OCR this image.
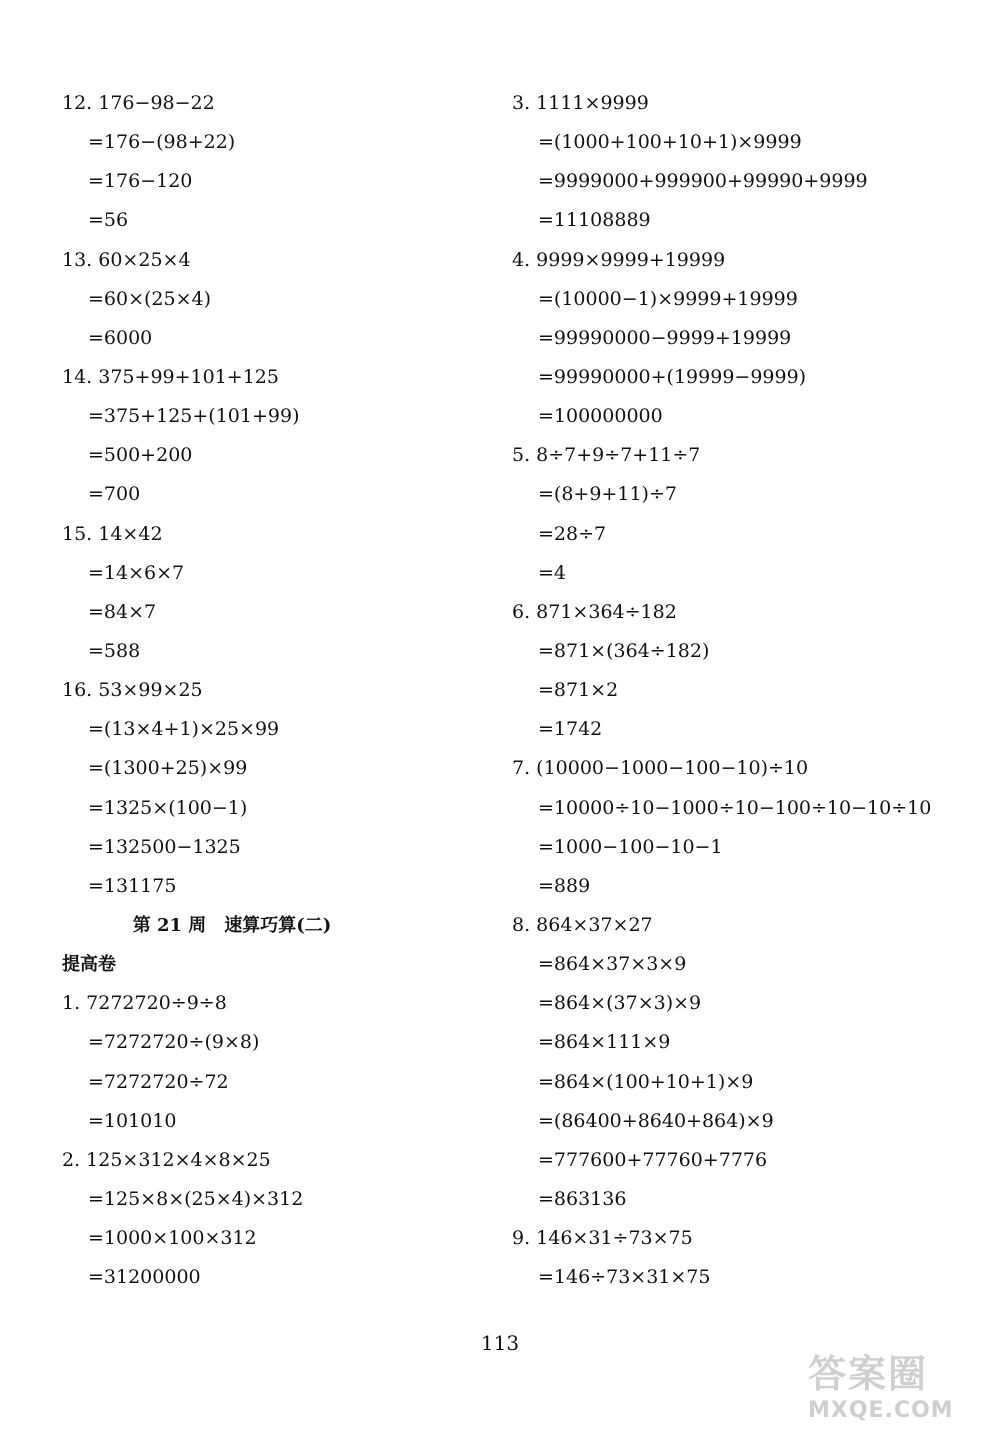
12. 176−98−22
=176−(98+22)
=176−120
=56
13. 60×25×4
=60×(25×4)
=6000
14. 375+99+101+125
=375+125+(101+99)
=500+200
=700
15. 14×42
=14×6×7
=84×7
=588
16. 53×99×25
=(13×4+1)×25×99
=(1300+25)×99
=1325×(100−1)
=132500−1325
=131175
第 21 周　速算巧算(二)
提高卷
1. 7272720÷9÷8
=7272720÷(9×8)
=7272720÷72
=101010
2. 125×312×4×8×25
=125×8×(25×4)×312
=1000×100×312
=31200000
3. 1111×9999
=(1000+100+10+1)×9999
=9999000+999900+99990+9999
=11108889
4. 9999×9999+19999
=(10000−1)×9999+19999
=99990000−9999+19999
=99990000+(19999−9999)
=100000000
5. 8÷7+9÷7+11÷7
=(8+9+11)÷7
=28÷7
=4
6. 871×364÷182
=871×(364÷182)
=871×2
=1742
7. (10000−1000−100−10)÷10
=10000÷10−1000÷10−100÷10−10÷10
=1000−100−10−1
=889
8. 864×37×27
=864×37×3×9
=864×(37×3)×9
=864×111×9
=864×(100+10+1)×9
=(86400+8640+864)×9
=777600+77760+7776
=863136
9. 146×31÷73×75
=146÷73×31×75
113
答案圈
MXQE.COM
